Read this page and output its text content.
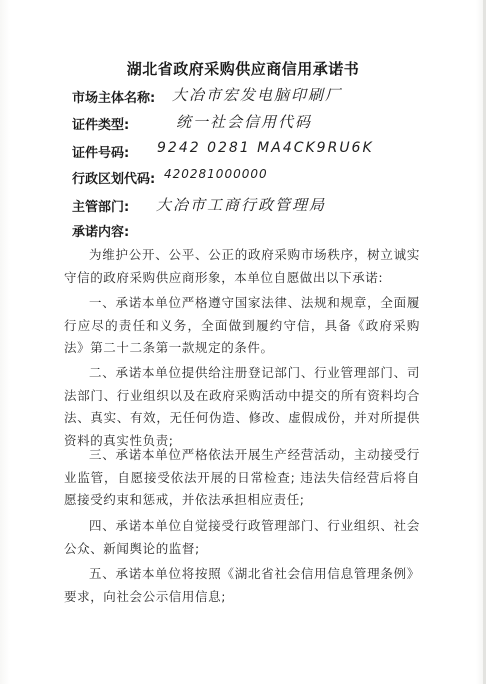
湖北省政府采购供应商信用承诺书
市场主体名称: 大冶市宏发电脑印刷厂
证件类型:	统一社会信用代码
证件号码: 9242 0281 MA4CK9RU6K
行政区划代码: 420281000000
主管部门: 大冶市工商行政管理局
承诺内容:
为维护公开、公平、公正的政府采购市场秩序，树立诚实守信的政府采购供应商形象，本单位自愿做出以下承诺:
一、承诺本单位严格遵守国家法律、法规和规章，全面履行应尽的责任和义务，全面做到履约守信，具备《政府采购法》第二十二条第一款规定的条件。
二、承诺本单位提供给注册登记部门、行业管理部门、司法部门、行业组织以及在政府采购活动中提交的所有资料均合法、真实、有效，无任何伪造、修改、虚假成份，并对所提供资料的真实性负责;
三、承诺本单位严格依法开展生产经营活动，主动接受行业监管，自愿接受依法开展的日常检查; 违法失信经营后将自愿接受约束和惩戒，并依法承担相应责任;
四、承诺本单位自觉接受行政管理部门、行业组织、社会公众、新闻舆论的监督;
五、承诺本单位将按照《湖北省社会信用信息管理条例》要求，向社会公示信用信息;
